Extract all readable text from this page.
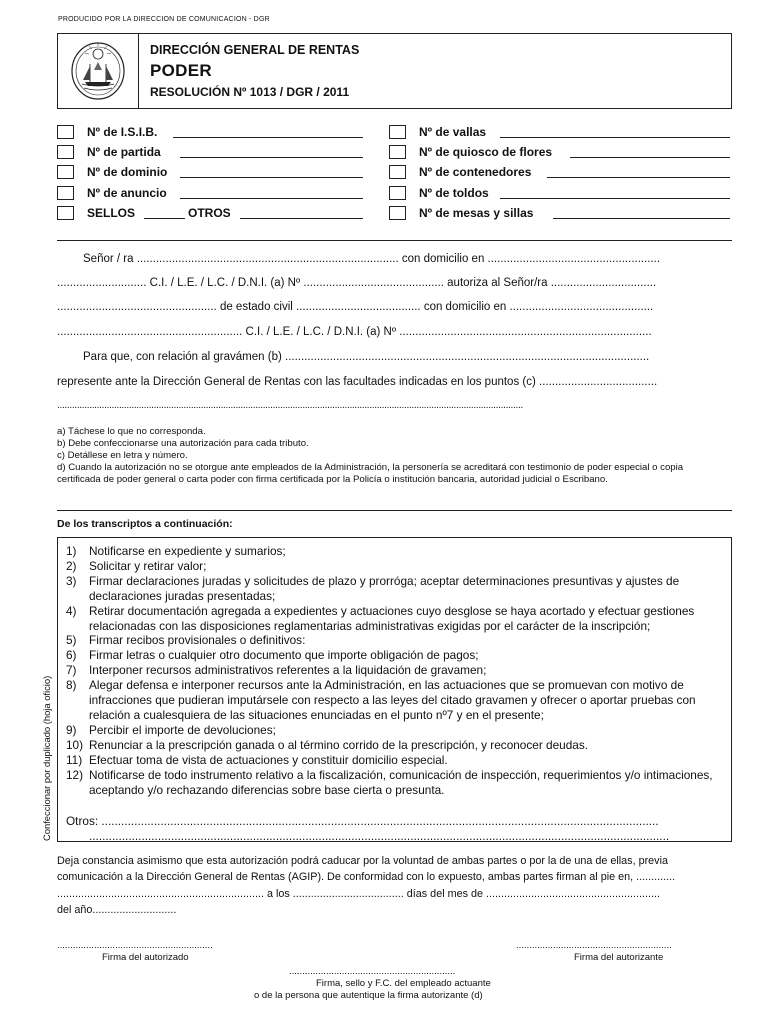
PRODUCIDO POR LA DIRECCION DE COMUNICACION - DGR
DIRECCIÓN GENERAL DE RENTAS
PODER
RESOLUCIÓN Nº 1013 / DGR / 2011
Nº de I.S.I.B.
Nº de partida
Nº de dominio
Nº de anuncio
SELLOS	OTROS
Nº de vallas
Nº de quiosco de flores
Nº de contenedores
Nº de toldos
Nº de mesas y sillas
Señor / ra .................................................................................. con domicilio en ......................................................
............................ C.I. / L.E. / L.C. / D.N.I. (a) Nº ............................................ autoriza al Señor/ra .................................
.................................................. de estado civil ....................................... con domicilio en .............................................
.......................................................... C.I. / L.E. / L.C. / D.N.I. (a) Nº ...............................................................................
Para que, con relación al gravámen (b) ..................................................................................................................
represente ante la Dirección General de Rentas con las facultades indicadas en los puntos (c) .....................................
............................................................................................................................................................................................
a) Táchese lo que no corresponda.
b) Debe confeccionarse una autorización para cada tributo.
c) Detállese en letra y número.
d) Cuando la autorización no se otorgue ante empleados de la Administración, la personería se acreditará con testimonio de poder especial o copia certificada de poder general o carta poder con firma certificada por la Policía o institución bancaria, autoridad judicial o Escribano.
De los transcriptos a continuación:
1) Notificarse en expediente y sumarios;
2) Solicitar y retirar valor;
3) Firmar declaraciones juradas y solicitudes de plazo y prorróga; aceptar determinaciones presuntivas y ajustes de declaraciones juradas presentadas;
4) Retirar documentación agregada a expedientes y actuaciones cuyo desglose se haya acortado y efectuar gestiones relacionadas con las disposiciones reglamentarias administrativas exigidas por el carácter de la inscripción;
5) Firmar recibos provisionales o definitivos:
6) Firmar letras o cualquier otro documento que importe obligación de pagos;
7) Interponer recursos administrativos referentes a la liquidación de gravamen;
8) Alegar defensa e interponer recursos ante la Administración, en las actuaciones que se promuevan con motivo de infracciones que pudieran imputársele con respecto a las leyes del citado gravamen y ofrecer o aportar pruebas con relación a cualesquiera de las situaciones enunciadas en el punto nº7 y en el presente;
9) Percibir el importe de devoluciones;
10) Renunciar a la prescripción ganada o al término corrido de la prescripción, y reconocer deudas.
11) Efectuar toma de vista de actuaciones y constituir domicilio especial.
12) Notificarse de todo instrumento relativo a la fiscalización, comunicación de inspección, requerimientos y/o intimaciones, aceptando y/o rechazando diferencias sobre base cierta o presunta.
Otros: ..........................................................................................................................................................................
.................................................................................................................................................................................
Confeccionar por duplicado (hoja oficio)
Deja constancia asimismo que esta autorización podrá caducar por la voluntad de ambas partes o por la de una de ellas, previa
comunicación a la Dirección General de Rentas (AGIP). De conformidad con lo expuesto, ambas partes firman al pie en, .............
..................................................................... a los ..................................... días del mes de ..........................................................
del año............................
...........................................................
Firma del autorizado
...........................................................
Firma del autorizante
...............................................................
Firma, sello y F.C. del empleado actuante
o de la persona que autentique la firma autorizante (d)
